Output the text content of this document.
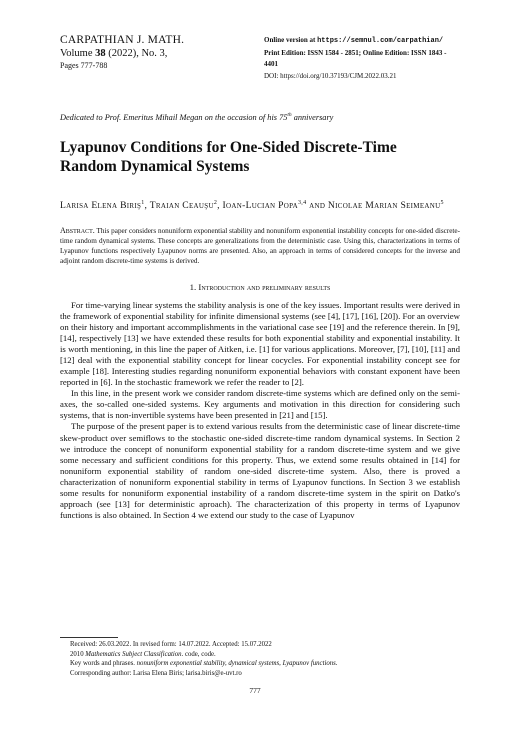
CARPATHIAN J. MATH.
Volume 38 (2022), No. 3,
Pages 777-788
Online version at https://semnul.com/carpathian/
Print Edition: ISSN 1584 - 2851; Online Edition: ISSN 1843 - 4401
DOI: https://doi.org/10.37193/CJM.2022.03.21
Dedicated to Prof. Emeritus Mihail Megan on the occasion of his 75th anniversary
Lyapunov Conditions for One-Sided Discrete-Time
Random Dynamical Systems
Larisa Elena Biriş$^1$, Traian Ceauşu$^2$, Ioan-Lucian Popa$^{3,4}$ and Nicolae Marian Seimeanu$^5$
Abstract. This paper considers nonuniform exponential stability and nonuniform exponential instability concepts for one-sided discrete-time random dynamical systems. These concepts are generalizations from the deterministic case. Using this, characterizations in terms of Lyapunov functions respectively Lyapunov norms are presented. Also, an approach in terms of considered concepts for the inverse and adjoint random discrete-time systems is derived.
1. Introduction and preliminary results

For time-varying linear systems the stability analysis is one of the key issues. Important results were derived in the framework of exponential stability for infinite dimensional systems (see [4], [17], [16], [20]). For an overview on their history and important accommplishments in the variational case see [19] and the reference therein. In [9], [14], respectively [13] we have extended these results for both exponential stability and exponential instability. It is worth mentioning, in this line the paper of Aitken, i.e. [1] for various applications. Moreover, [7], [10], [11] and [12] deal with the exponential stability concept for linear cocycles. For exponential instability concept see for example [18]. Interesting studies regarding nonuniform exponential behaviors with constant exponent have been reported in [6]. In the stochastic framework we refer the reader to [2].

In this line, in the present work we consider random discrete-time systems which are defined only on the semi-axes, the so-called one-sided systems. Key arguments and motivation in this direction for considering such systems, that is non-invertible systems have been presented in [21] and [15].

The purpose of the present paper is to extend various results from the deterministic case of linear discrete-time skew-product over semiflows to the stochastic one-sided discrete-time random dynamical systems. In Section 2 we introduce the concept of nonuniform exponential stability for a random discrete-time system and we give some necessary and sufficient conditions for this property. Thus, we extend some results obtained in [14] for nonuniform exponential stability of random one-sided discrete-time system. Also, there is proved a characterization of nonuniform exponential stability in terms of Lyapunov functions. In Section 3 we establish some results for nonuniform exponential instability of a random discrete-time system in the spirit on Datko's approach (see [13] for deterministic aproach). The characterization of this property in terms of Lyapunov functions is also obtained. In Section 4 we extend our study to the case of Lyapunov

Received: 26.03.2022. In revised form: 14.07.2022. Accepted: 15.07.2022
2010 Mathematics Subject Classification. code, code.
Key words and phrases. nonuniform exponential stability, dynamical systems, Lyapunov functions.
Corresponding author: Larisa Elena Biris; larisa.biris@e-uvt.ro
777
